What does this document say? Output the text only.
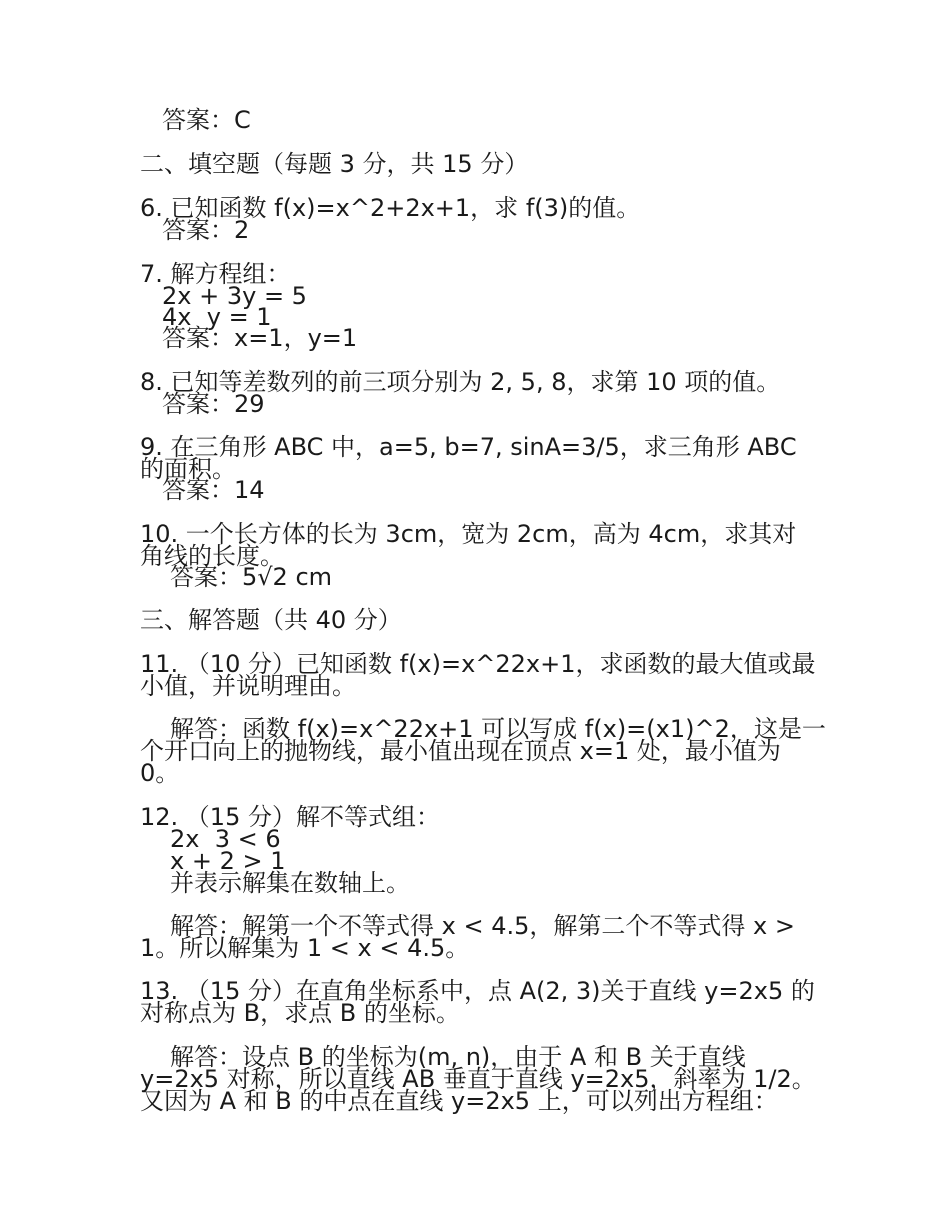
答案：C
二、填空题（每题 3 分，共 15 分）
6. 已知函数 f(x)=x^2+2x+1，求 f(3)的值。
答案：2
7. 解方程组：
2x + 3y = 5
4x  y = 1
答案：x=1，y=1
8. 已知等差数列的前三项分别为 2, 5, 8，求第 10 项的值。
答案：29
9. 在三角形 ABC 中，a=5, b=7, sinA=3/5，求三角形 ABC
的面积。
答案：14
10. 一个长方体的长为 3cm，宽为 2cm，高为 4cm，求其对
角线的长度。
答案：5√2 cm
三、解答题（共 40 分）
11. （10 分）已知函数 f(x)=x^22x+1，求函数的最大值或最
小值，并说明理由。
解答：函数 f(x)=x^22x+1 可以写成 f(x)=(x1)^2，这是一
个开口向上的抛物线，最小值出现在顶点 x=1 处，最小值为
0。
12. （15 分）解不等式组：
2x  3 < 6
x + 2 > 1
并表示解集在数轴上。
解答：解第一个不等式得 x < 4.5，解第二个不等式得 x >
1。所以解集为 1 < x < 4.5。
13. （15 分）在直角坐标系中，点 A(2, 3)关于直线 y=2x5 的
对称点为 B，求点 B 的坐标。
解答：设点 B 的坐标为(m, n)，由于 A 和 B 关于直线
y=2x5 对称，所以直线 AB 垂直于直线 y=2x5，斜率为 1/2。
又因为 A 和 B 的中点在直线 y=2x5 上，可以列出方程组：
